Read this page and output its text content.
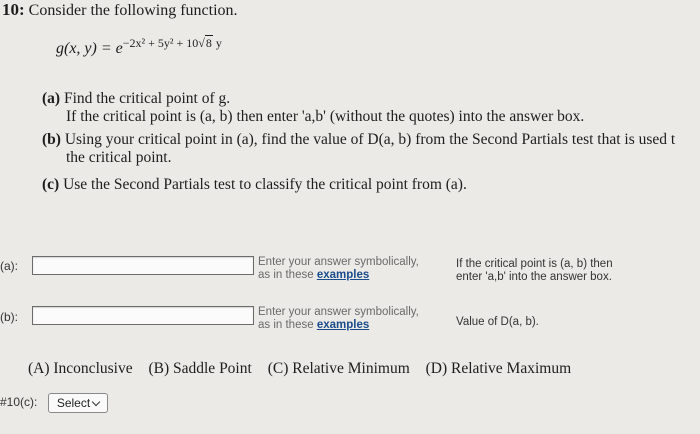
10: Consider the following function.
g(x, $y) = e^{-2x^2 + 5y^2 + 10√8 y}$
(a) Find the critical point of g.
If the critical point is (a, b) then enter 'a,b' (without the quotes) into the answer box.
(b) Using your critical point in (a), find the value of D(a, b) from the Second Partials test that is used t
the critical point.
(c) Use the Second Partials test to classify the critical point from (a).
(a):	Enter your answer symbolically,
as in these examples
If the critical point is (a, b) then
enter 'a,b' into the answer box.
(b):	Enter your answer symbolically,
as in these examples	Value of D(a, b).
(A) Inconclusive (B) Saddle Point (C) Relative Minimum (D) Relative Maximum
#10(c): Select
